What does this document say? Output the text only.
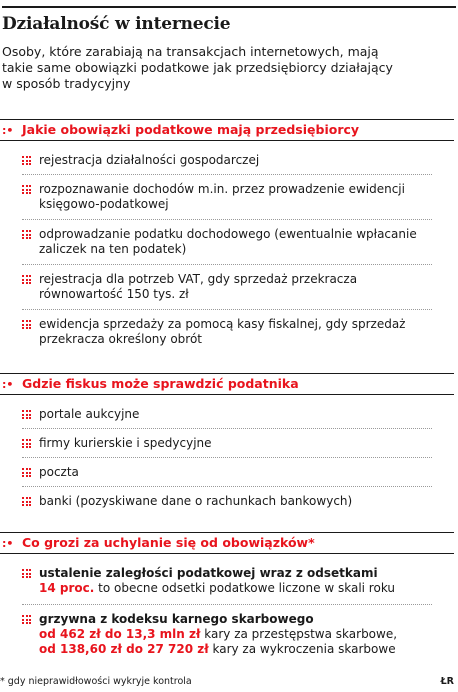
Działalność w internecie
Osoby, które zarabiają na transakcjach internetowych, mają
takie same obowiązki podatkowe jak przedsiębiorcy działający
w sposób tradycyjny
:• Jakie obowiązki podatkowe mają przedsiębiorcy
rejestracja działalności gospodarczej
rozpoznawanie dochodów m.in. przez prowadzenie ewidencji
księgowo-podatkowej
odprowadzanie podatku dochodowego (ewentualnie wpłacanie
zaliczek na ten podatek)
rejestracja dla potrzeb VAT, gdy sprzedaż przekracza
równowartość 150 tys. zł
ewidencja sprzedaży za pomocą kasy fiskalnej, gdy sprzedaż
przekracza określony obrót
:• Gdzie fiskus może sprawdzić podatnika
portale aukcyjne
firmy kurierskie i spedycyjne
poczta
banki (pozyskiwane dane o rachunkach bankowych)
:• Co grozi za uchylanie się od obowiązków*
ustalenie zaległości podatkowej wraz z odsetkami
14 proc. to obecne odsetki podatkowe liczone w skali roku
grzywna z kodeksu karnego skarbowego
od 462 zł do 13,3 mln zł kary za przestępstwa skarbowe,
od 138,60 zł do 27 720 zł kary za wykroczenia skarbowe
* gdy nieprawidłowości wykryje kontrola	ŁR
